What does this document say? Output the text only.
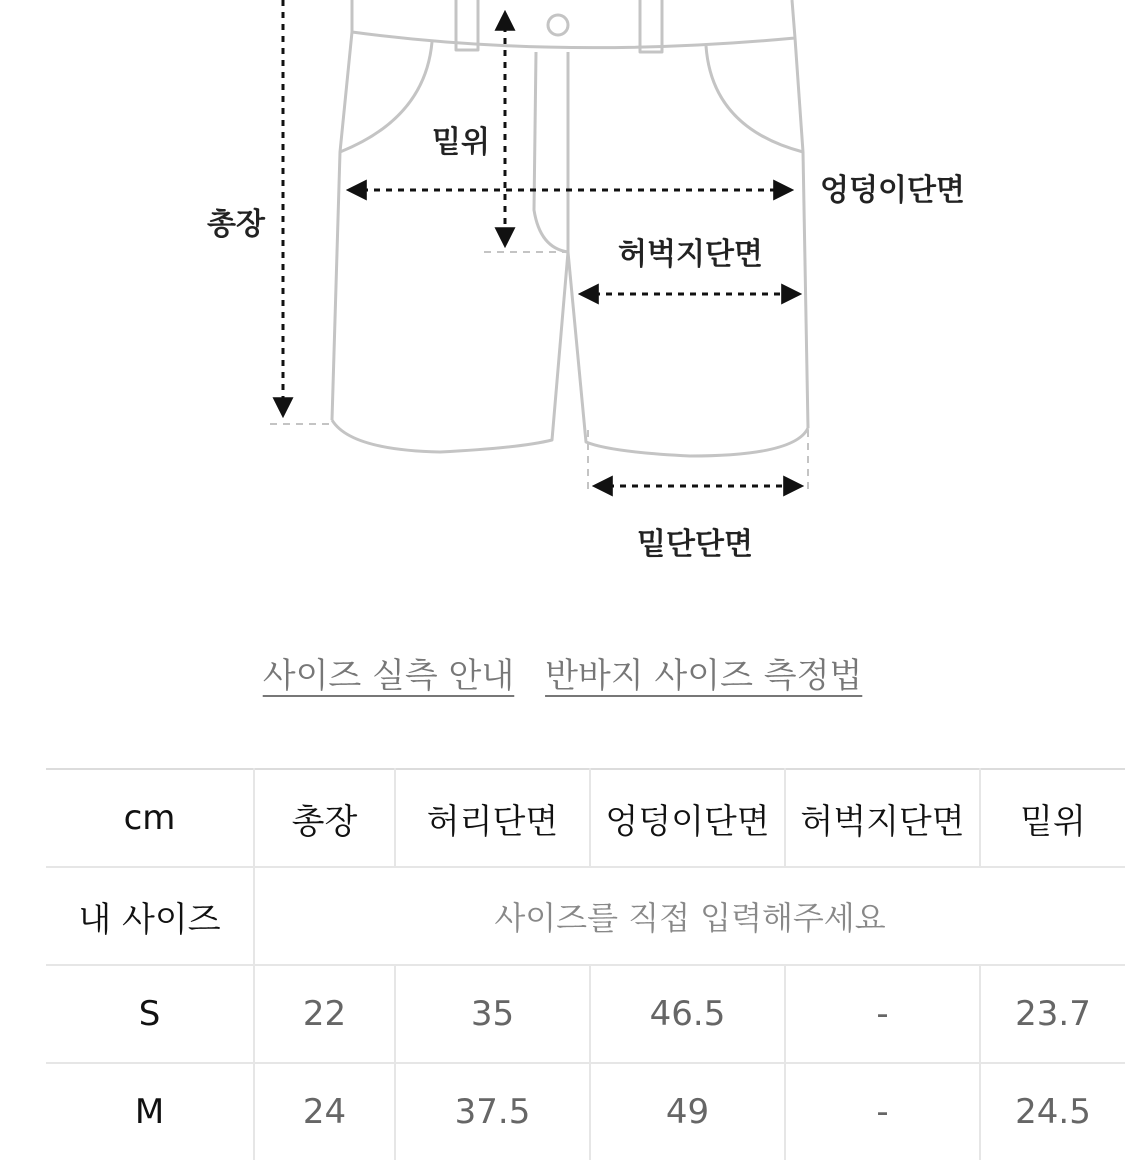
총장
밑위
엉덩이단면
허벅지단면
밑단단면
사이즈 실측 안내 반바지 사이즈 측정법
cm	총장	허리단면	엉덩이단면	허벅지단면	밑위
내 사이즈	사이즈를 직접 입력해주세요				
S	22	35	46.5	-	23.7
M	24	37.5	49	-	24.5
